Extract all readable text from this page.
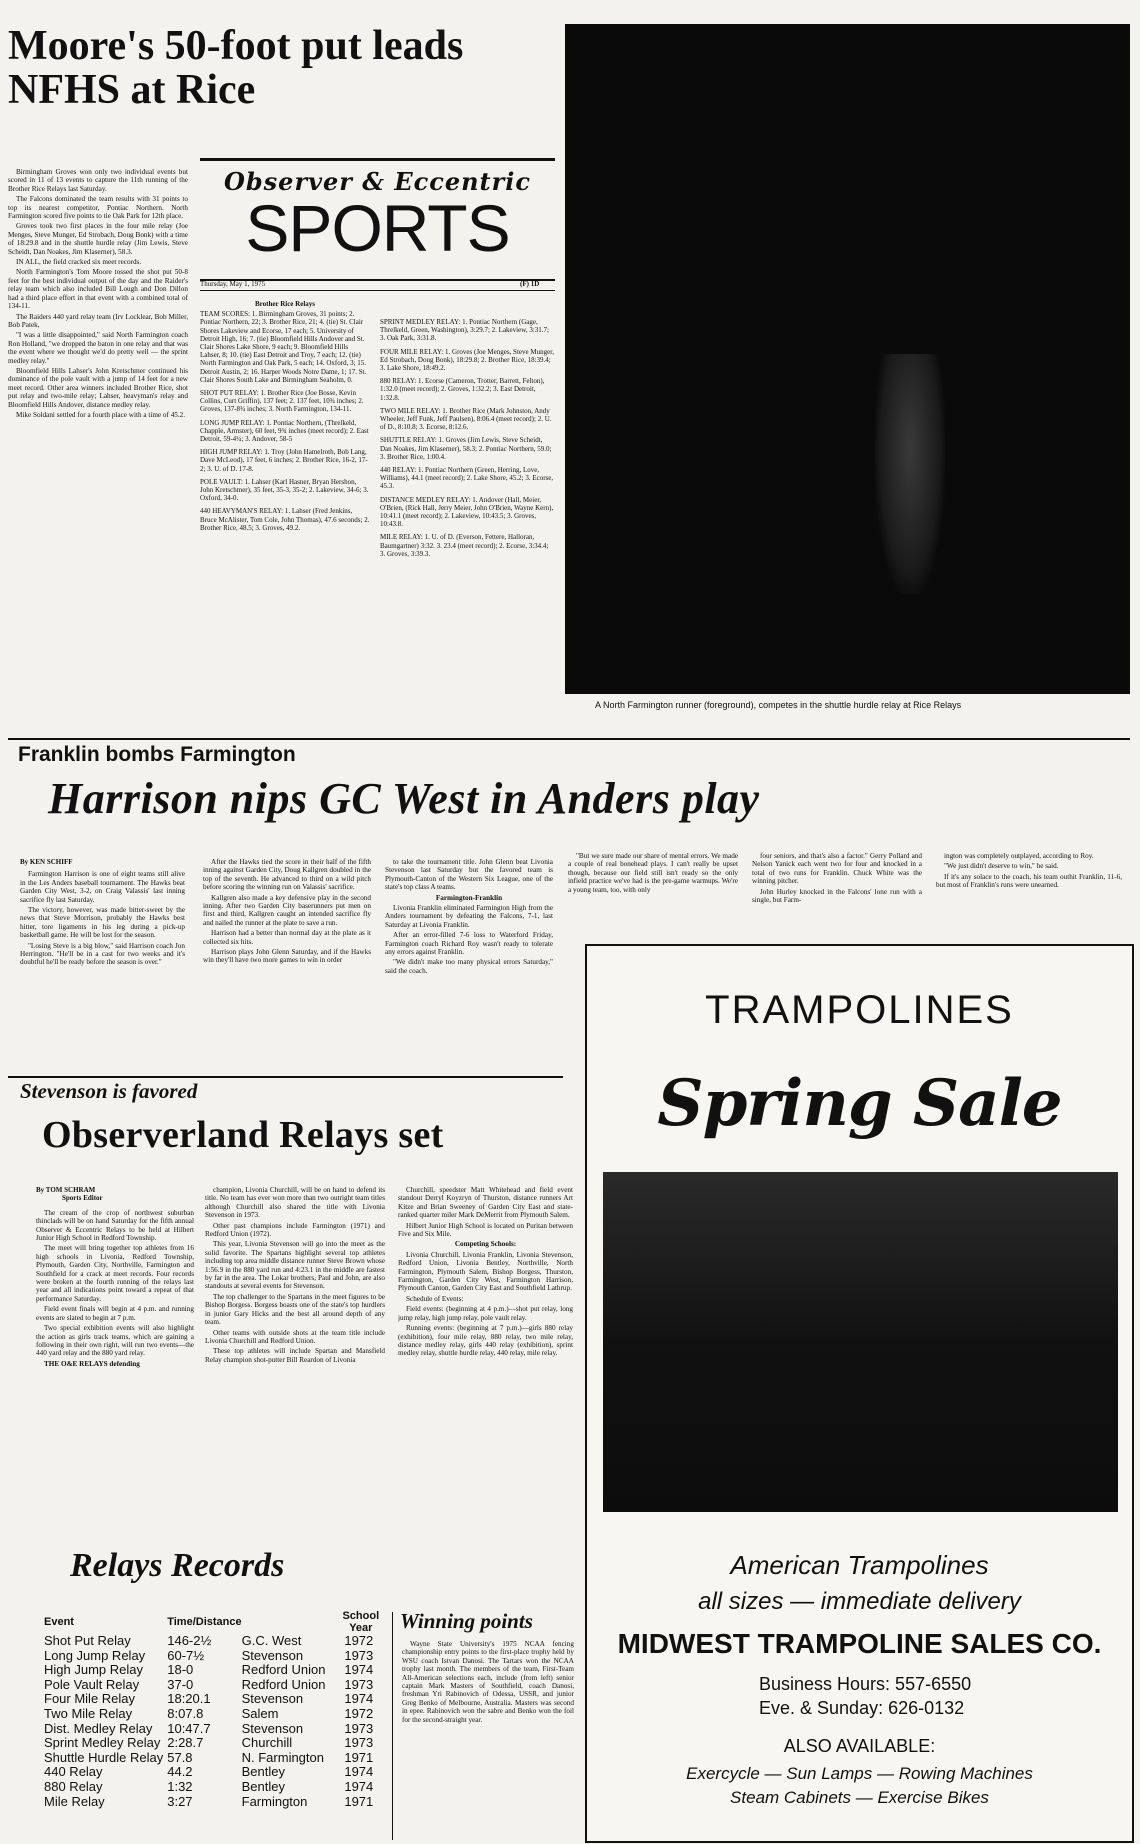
Moore's 50-foot put leads NFHS at Rice

Birmingham Groves won only two individual events but scored in 11 of 13 events to capture the 11th running of the Brother Rice Relays last Saturday.

The Falcons dominated the team results with 31 points to top its nearest competitor, Pontiac Northern. North Farmington scored five points to tie Oak Park for 12th place.

Groves took two first places in the four mile relay (Joe Menges, Steve Munger, Ed Strobach, Doug Bonk) with a time of 18:29.8 and in the shuttle hurdle relay (Jim Lewis, Steve Scheidt, Dan Noakes, Jim Klaserner), 58.3.

IN ALL, the field cracked six meet records.

North Farmington's Tom Moore tossed the shot put 50-8 feet for the best individual output of the day and the Raider's relay team which also included Bill Lough and Don Dillon had a third place effort in that event with a combined total of 134-11.

The Raiders 440 yard relay team (Irv Locklear, Bob Miller, Bob Patek,

"I was a little disappointed," said North Farmington coach Ron Holland, "we dropped the baton in one relay and that was the event where we thought we'd do pretty well — the sprint medley relay."

Bloomfield Hills Lahser's John Kretschmer continued his dominance of the pole vault with a jump of 14 feet for a new meet record. Other area winners included Brother Rice, shot put relay and two-mile relay; Lahser, heavyman's relay and Bloomfield Hills Andover, distance medley relay.

Mike Soldani settled for a fourth place with a time of 45.2.

Observer & Eccentric
SPORTS
Thursday, May 1, 1975	(F) 1D

Brother Rice Relays

TEAM SCORES: 1. Birmingham Groves, 31 points; 2. Pontiac Northern, 22; 3. Brother Rice, 21; 4. (tie) St. Clair Shores Lakeview and Ecorse, 17 each; 5. University of Detroit High, 16; 7. (tie) Bloomfield Hills Andover and St. Clair Shores Lake Shore, 9 each; 9. Bloomfield Hills Lahser, 8; 10. (tie) East Detroit and Troy, 7 each; 12. (tie) North Farmington and Oak Park, 5 each; 14. Oxford, 3; 15. Detroit Austin, 2; 16. Harper Woods Notre Dame, 1; 17. St. Clair Shores South Lake and Birmingham Seaholm, 0.

SHOT PUT RELAY: 1. Brother Rice (Joe Bosse, Kevin Collins, Curt Griffin), 137 feet; 2. 137 feet, 10¾ inches; 2. Groves, 137-8¾ inches; 3. North Farmington, 134-11.

LONG JUMP RELAY: 1. Pontiac Northern, (Threlkeld, Chapple, Armster), 60 feet, 9¾ inches (meet record); 2. East Detroit, 59-4¼; 3. Andover, 58-5

HIGH JUMP RELAY: 1. Troy (John Hamelroth, Bob Lang, Dave McLeod), 17 feet, 6 inches; 2. Brother Rice, 16-2, 17-2; 3. U. of D. 17-8.

POLE VAULT: 1. Lahser (Karl Hasner, Bryan Hershon, John Kretschmer), 35 feet, 35-3, 35-2; 2. Lakeview, 34-6; 3. Oxford, 34-0.

440 HEAVYMAN'S RELAY: 1. Lahser (Fred Jenkins, Bruce McAlister, Tom Cole, John Thomas), 47.6 seconds; 2. Brother Rice, 48.5; 3. Groves, 49.2.

SPRINT MEDLEY RELAY: 1. Pontiac Northern (Gage, Threlkeld, Green, Washington), 3:29.7; 2. Lakeview, 3:31.7; 3. Oak Park, 3:31.8.

FOUR MILE RELAY: 1. Groves (Joe Menges, Steve Munger, Ed Strobach, Doug Bonk), 18:29.8; 2. Brother Rice, 18:39.4; 3. Lake Shore, 18:49.2.

880 RELAY: 1. Ecorse (Cameron, Trotter, Barrett, Felton), 1:32.0 (meet record); 2. Groves, 1:32.2; 3. East Detroit, 1:32.8.

TWO MILE RELAY: 1. Brother Rice (Mark Johnston, Andy Wheeler, Jeff Funk, Jeff Paulsen), 8:06.4 (meet record); 2. U. of D., 8:10.8; 3. Ecorse, 8:12.6.

SHUTTLE RELAY: 1. Groves (Jim Lewis, Steve Scheidt, Dan Noakes, Jim Klaserner), 58.3; 2. Pontiac Northern, 59.0; 3. Brother Rice, 1:00.4.

440 RELAY: 1. Pontiac Northern (Green, Herring, Love, Williams), 44.1 (meet record); 2. Lake Shore, 45.2; 3. Ecorse, 45.3.

DISTANCE MEDLEY RELAY: 1. Andover (Hall, Meier, O'Brien, (Rick Hall, Jerry Meier, John O'Brien, Wayne Kern), 10:41.1 (meet record); 2. Lakeview, 10:43.5; 3. Groves, 10:43.8.

MILE RELAY: 1. U. of D. (Everson, Fettere, Halloran, Baumgartner) 3:32. 3. 23.4 (meet record); 2. Ecorse, 3:34.4; 3. Groves, 3:39.3.

A North Farmington runner (foreground), competes in the shuttle hurdle relay at Rice Relays
Franklin bombs Farmington
Harrison nips GC West in Anders play
By KEN SCHIFF

Farmington Harrison is one of eight teams still alive in the Les Anders baseball tournament. The Hawks beat Garden City West, 3-2, on Craig Valassis' last inning sacrifice fly last Saturday.

The victory, however, was made bitter-sweet by the news that Steve Morrison, probably the Hawks best hitter, tore ligaments in his leg during a pick-up basketball game. He will be lost for the season.

"Losing Steve is a big blow," said Harrison coach Jon Herrington. "He'll be in a cast for two weeks and it's doubtful he'll be ready before the season is over."

After the Hawks tied the score in their half of the fifth inning against Garden City, Doug Kallgren doubled in the top of the seventh. He advanced to third on a wild pitch before scoring the winning run on Valassis' sacrifice.

Kallgren also made a key defensive play in the second inning. After two Garden City baserunners put men on first and third, Kallgren caught an intended sacrifice fly and nailed the runner at the plate to save a run.

Harrison had a better than normal day at the plate as it collected six hits.

Harrison plays John Glenn Saturday, and if the Hawks win they'll have two more games to win in order

to take the tournament title. John Glenn beat Livonia Stevenson last Saturday but the favored team is Plymouth-Canton of the Western Six League, one of the state's top class A teams.

Farmington-Franklin

Livonia Franklin eliminated Farmington High from the Anders tournament by defeating the Falcons, 7-1, last Saturday at Livonia Franklin.

After an error-filled 7-6 loss to Waterford Friday, Farmington coach Richard Roy wasn't ready to tolerate any errors against Franklin.

"We didn't make too many physical errors Saturday," said the coach.

"But we sure made our share of mental errors. We made a couple of real bonehead plays. I can't really be upset though, because our field still isn't ready so the only infield practice we've had is the pre-game warmups. We're a young team, too, with only

four seniors, and that's also a factor." Gerry Pollard and Nelson Yanick each went two for four and knocked in a total of two runs for Franklin. Chuck White was the winning pitcher.

John Hurley knocked in the Falcons' lone run with a single, but Farm-

ington was completely outplayed, according to Roy.

"We just didn't deserve to win," he said.

If it's any solace to the coach, his team outhit Franklin, 11-6, but most of Franklin's runs were unearned.

Stevenson is favored
Observerland Relays set
By TOM SCHRAM
Sports Editor

The cream of the crop of northwest suburban thinclads will be on hand Saturday for the fifth annual Observer & Eccentric Relays to be held at Hilbert Junior High School in Redford Township.

The meet will bring together top athletes from 16 high schools in Livonia, Redford Township, Plymouth, Garden City, Northville, Farmington and Southfield for a crack at meet records. Four records were broken at the fourth running of the relays last year and all indications point toward a repeat of that performance Saturday.

Field event finals will begin at 4 p.m. and running events are slated to begin at 7 p.m.

Two special exhibition events will also highlight the action as girls track teams, which are gaining a following in their own right, will run two events—the 440 yard relay and the 880 yard relay.

THE O&E RELAYS defending

champion, Livonia Churchill, will be on hand to defend its title. No team has ever won more than two outright team titles although Churchill also shared the title with Livonia Stevenson in 1973.

Other past champions include Farmington (1971) and Redford Union (1972).

This year, Livonia Stevenson will go into the meet as the solid favorite. The Spartans highlight several top athletes including top area middle distance runner Steve Brown whose 1:56.9 in the 880 yard run and 4:23.1 in the middle are fastest by far in the area. The Lokar brothers, Paul and John, are also standouts at several events for Stevenson.

The top challenger to the Spartans in the meet figures to be Bishop Borgess. Borgess boasts one of the state's top hurdlers in junior Gary Hicks and the best all around depth of any team.

Other teams with outside shots at the team title include Livonia Churchill and Redford Union.

These top athletes will include Spartan and Mansfield Relay champion shot-putter Bill Reardon of Livonia

Churchill, speedster Matt Whitehead and field event standout Derryl Koyzryn of Thurston, distance runners Art Kitze and Brian Sweeney of Garden City East and state-ranked quarter miler Mark DeMerrit from Plymouth Salem.

Hilbert Junior High School is located on Puritan between Five and Six Mile.

Competing Schools:

Livonia Churchill, Livonia Franklin, Livonia Stevenson, Redford Union, Livonia Bentley, Northville, North Farmington, Plymouth Salem, Bishop Borgess, Thurston, Farmington, Garden City West, Farmington Harrison, Plymouth Canton, Garden City East and Southfield Lathrup.

Schedule of Events:

Field events: (beginning at 4 p.m.)—shot put relay, long jump relay, high jump relay, pole vault relay.

Running events: (beginning at 7 p.m.)—girls 880 relay (exhibition), four mile relay, 880 relay, two mile relay, distance medley relay, girls 440 relay (exhibition), sprint medley relay, shuttle hurdle relay, 440 relay, mile relay.

Relays Records
Event	Time/Distance		School
Year
Shot Put Relay	146-2½	G.C. West	1972
Long Jump Relay	60-7½	Stevenson	1973
High Jump Relay	18-0	Redford Union	1974
Pole Vault Relay	37-0	Redford Union	1973
Four Mile Relay	18:20.1	Stevenson	1974
Two Mile Relay	8:07.8	Salem	1972
Dist. Medley Relay	10:47.7	Stevenson	1973
Sprint Medley Relay	2:28.7	Churchill	1973
Shuttle Hurdle Relay	57.8	N. Farmington	1971
440 Relay	44.2	Bentley	1974
880 Relay	1:32	Bentley	1974
Mile Relay	3:27	Farmington	1971
Winning points

Wayne State University's 1975 NCAA fencing championship entry points to the first-place trophy held by WSU coach Istvan Danosi. The Tartars won the NCAA trophy last month. The members of the team, First-Team All-American selections each, include (from left) senior captain Mark Masters of Southfield, coach Danosi, freshman Yri Rabinovich of Odessa, USSR, and junior Greg Benko of Melbourne, Australia. Masters was second in epee. Rabinovich won the sabre and Benko won the foil for the second-straight year.

TRAMPOLINES
Spring Sale
American Trampolines
all sizes — immediate delivery
MIDWEST TRAMPOLINE SALES CO.
Business Hours: 557-6550
Eve. & Sunday: 626-0132
ALSO AVAILABLE:
Exercycle — Sun Lamps — Rowing Machines
Steam Cabinets — Exercise Bikes
